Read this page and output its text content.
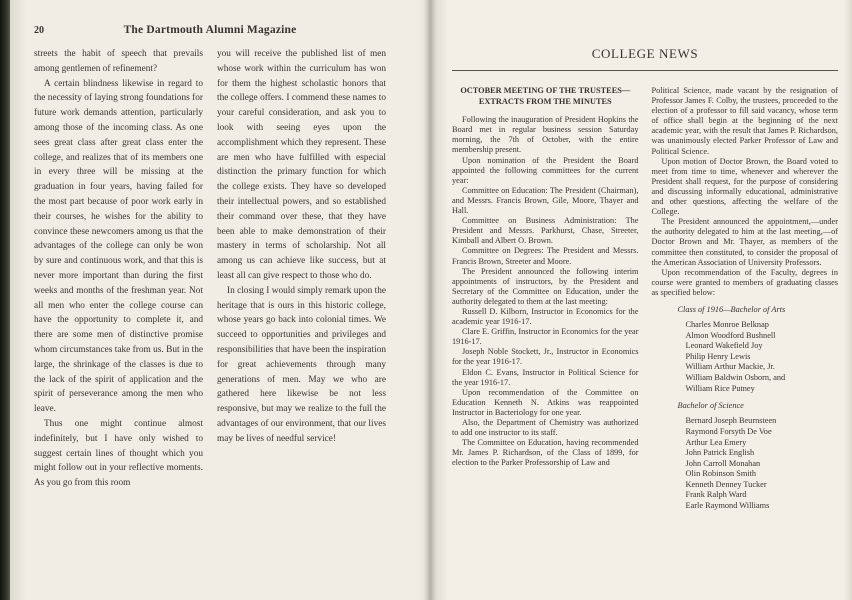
20	The Dartmouth Alumni Magazine

streets the habit of speech that prevails among gentlemen of refinement?

A certain blindness likewise in regard to the necessity of laying strong foundations for future work demands attention, particularly among those of the incoming class. As one sees great class after great class enter the college, and realizes that of its members one in every three will be missing at the graduation in four years, having failed for the most part because of poor work early in their courses, he wishes for the ability to convince these newcomers among us that the advantages of the college can only be won by sure and continuous work, and that this is never more important than during the first weeks and months of the freshman year. Not all men who enter the college course can have the opportunity to complete it, and there are some men of distinctive promise whom circumstances take from us. But in the large, the shrinkage of the classes is due to the lack of the spirit of application and the spirit of perseverance among the men who leave.

Thus one might continue almost indefinitely, but I have only wished to suggest certain lines of thought which you might follow out in your reflective moments. As you go from this room

you will receive the published list of men whose work within the curriculum has won for them the highest scholastic honors that the college offers. I commend these names to your careful consideration, and ask you to look with seeing eyes upon the accomplishment which they represent. These are men who have fulfilled with especial distinction the primary function for which the college exists. They have so developed their intellectual powers, and so established their command over these, that they have been able to make demonstration of their mastery in terms of scholarship. Not all among us can achieve like success, but at least all can give respect to those who do.

In closing I would simply remark upon the heritage that is ours in this historic college, whose years go back into colonial times. We succeed to opportunities and privileges and responsibilities that have been the inspiration for great achievements through many generations of men. May we who are gathered here likewise be not less responsive, but may we realize to the full the advantages of our environment, that our lives may be lives of needful service!

COLLEGE NEWS
OCTOBER MEETING OF THE TRUSTEES—EXTRACTS FROM THE MINUTES

Following the inauguration of President Hopkins the Board met in regular business session Saturday morning, the 7th of October, with the entire membership present.

Upon nomination of the President the Board appointed the following committees for the current year:

Committee on Education: The President (Chairman), and Messrs. Francis Brown, Gile, Moore, Thayer and Hall.

Committee on Business Administration: The President and Messrs. Parkhurst, Chase, Streeter, Kimball and Albert O. Brown.

Committee on Degrees: The President and Messrs. Francis Brown, Streeter and Moore.

The President announced the following interim appointments of instructors, by the President and Secretary of the Committee on Education, under the authority delegated to them at the last meeting:

Russell D. Kilborn, Instructor in Economics for the academic year 1916-17.

Clare E. Griffin, Instructor in Economics for the year 1916-17.

Joseph Noble Stockett, Jr., Instructor in Economics for the year 1916-17.

Eldon C. Evans, Instructor in Political Science for the year 1916-17.

Upon recommendation of the Committee on Education Kenneth N. Atkins was reappointed Instructor in Bacteriology for one year.

Also, the Department of Chemistry was authorized to add one instructor to its staff.

The Committee on Education, having recommended Mr. James P. Richardson, of the Class of 1899, for election to the Parker Professorship of Law and

Political Science, made vacant by the resignation of Professor James F. Colby, the trustees, proceeded to the election of a professor to fill said vacancy, whose term of office shall begin at the beginning of the next academic year, with the result that James P. Richardson, was unanimously elected Parker Professor of Law and Political Science.

Upon motion of Doctor Brown, the Board voted to meet from time to time, whenever and wherever the President shall request, for the purpose of considering and discussing informally educational, administrative and other questions, affecting the welfare of the College.

The President announced the appointment,—under the authority delegated to him at the last meeting,—of Doctor Brown and Mr. Thayer, as members of the committee then constituted, to consider the proposal of the American Association of University Professors.

Upon recommendation of the Faculty, degrees in course were granted to members of graduating classes as specified below:

Class of 1916—Bachelor of Arts
Charles Monroe Belknap
Almon Woodford Bushnell
Leonard Wakefield Joy
Philip Henry Lewis
William Arthur Mackie, Jr.
William Baldwin Osborn, and
William Rice Putney
Bachelor of Science
Bernard Joseph Beurnsteen
Raymond Forsyth De Voe
Arthur Lea Emery
John Patrick English
John Carroll Monahan
Olin Robinson Smith
Kenneth Denney Tucker
Frank Ralph Ward
Earle Raymond Williams
